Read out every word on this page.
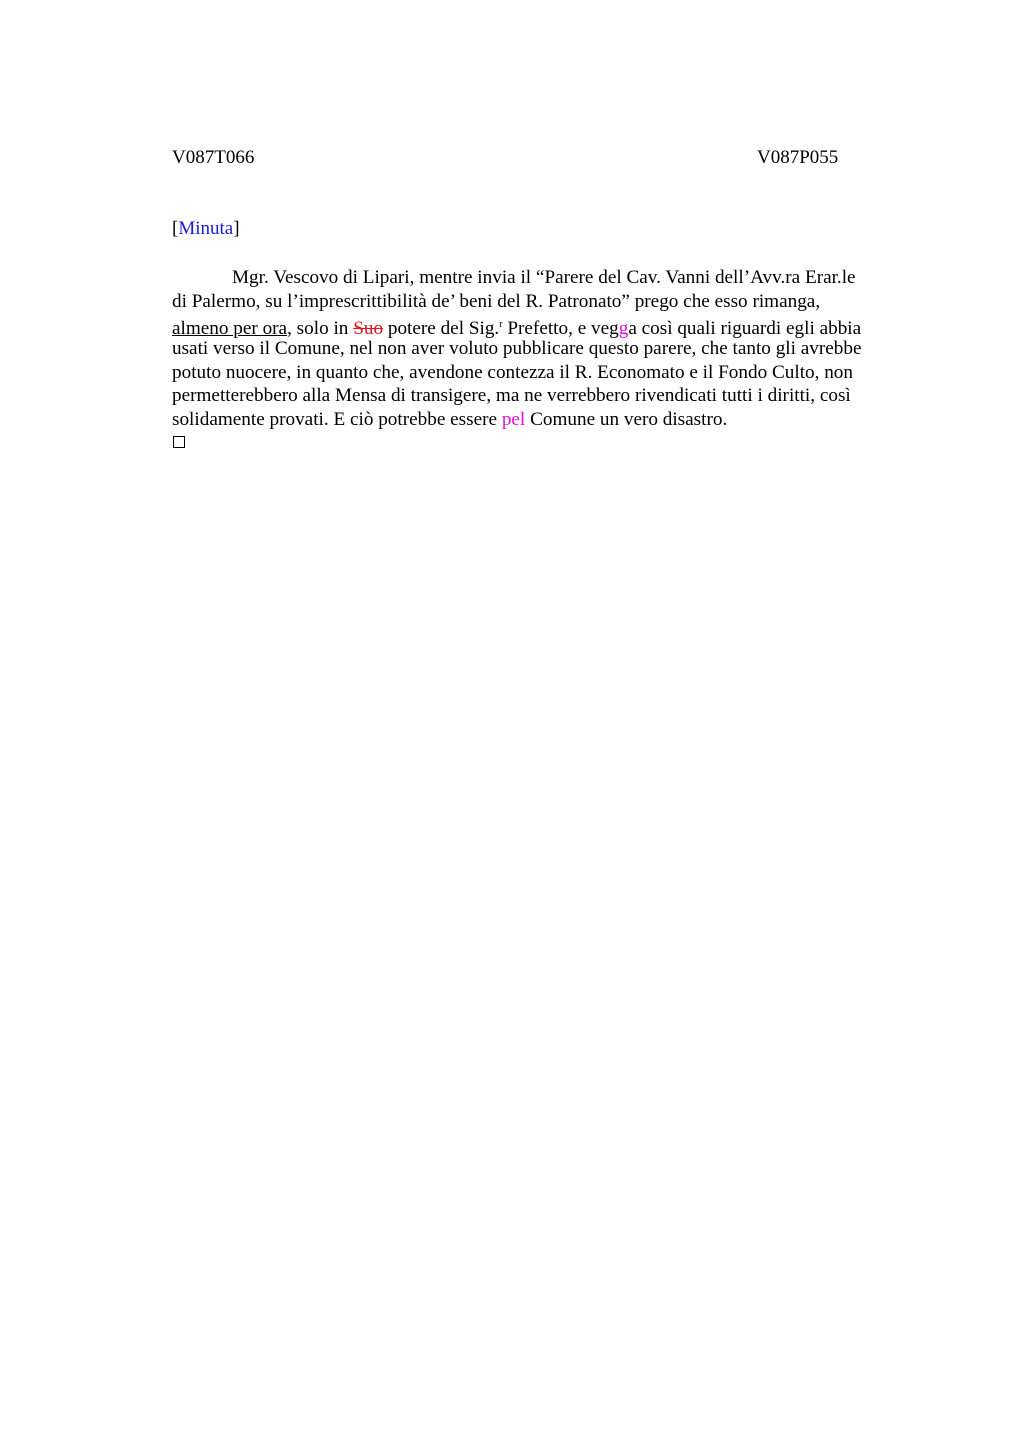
V087T066	V087P055
[Minuta]
Mgr. Vescovo di Lipari, mentre invia il “Parere del Cav. Vanni dell’Avv.ra Erar.le
di Palermo, su l’imprescrittibilità de’ beni del R. Patronato” prego che esso rimanga,
almeno per ora, solo in Suo potere del Sig.$^r$ Prefetto, e vegga così quali riguardi egli abbia
usati verso il Comune, nel non aver voluto pubblicare questo parere, che tanto gli avrebbe
potuto nuocere, in quanto che, avendone contezza il R. Economato e il Fondo Culto, non
permetterebbero alla Mensa di transigere, ma ne verrebbero rivendicati tutti i diritti, così
solidamente provati. E ciò potrebbe essere pel Comune un vero disastro.
